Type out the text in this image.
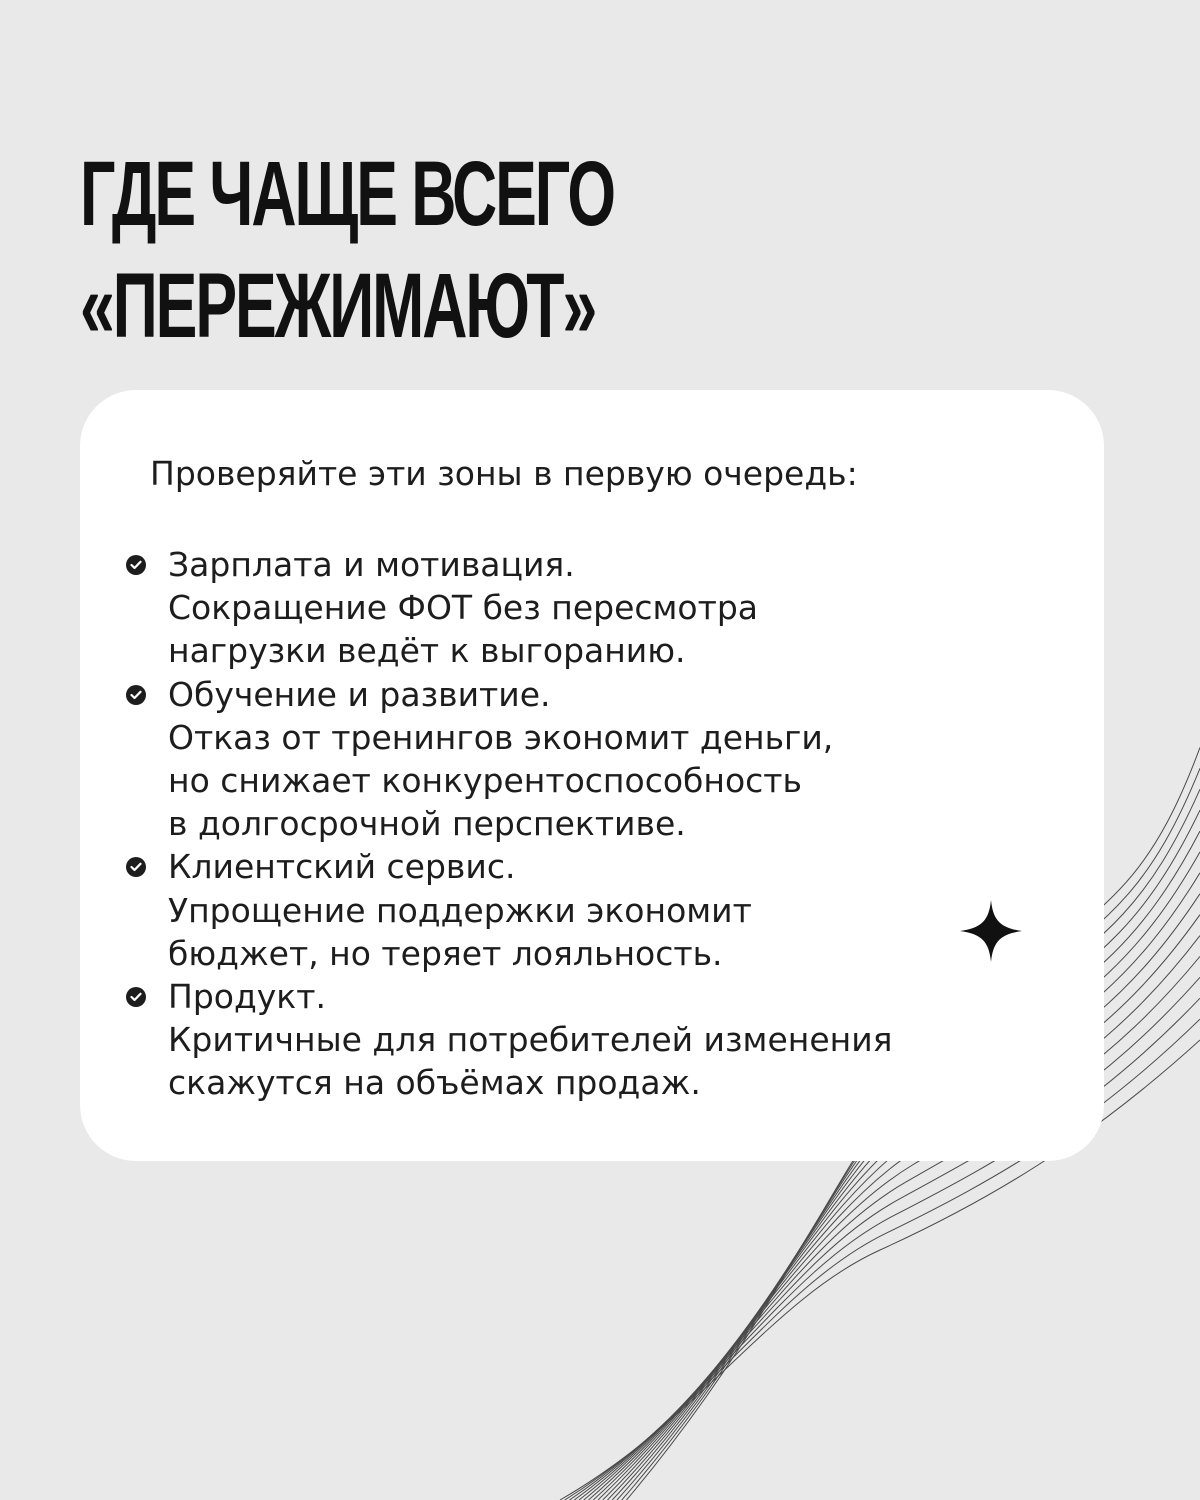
ГДЕ ЧАЩЕ ВСЕГО
«ПЕРЕЖИМАЮТ»

Проверяйте эти зоны в первую очередь:

Зарплата и мотивация.
Сокращение ФОТ без пересмотра
нагрузки ведёт к выгоранию.
Обучение и развитие.
Отказ от тренингов экономит деньги,
но снижает конкурентоспособность
в долгосрочной перспективе.
Клиентский сервис.
Упрощение поддержки экономит
бюджет, но теряет лояльность.
Продукт.
Критичные для потребителей изменения
скажутся на объёмах продаж.
